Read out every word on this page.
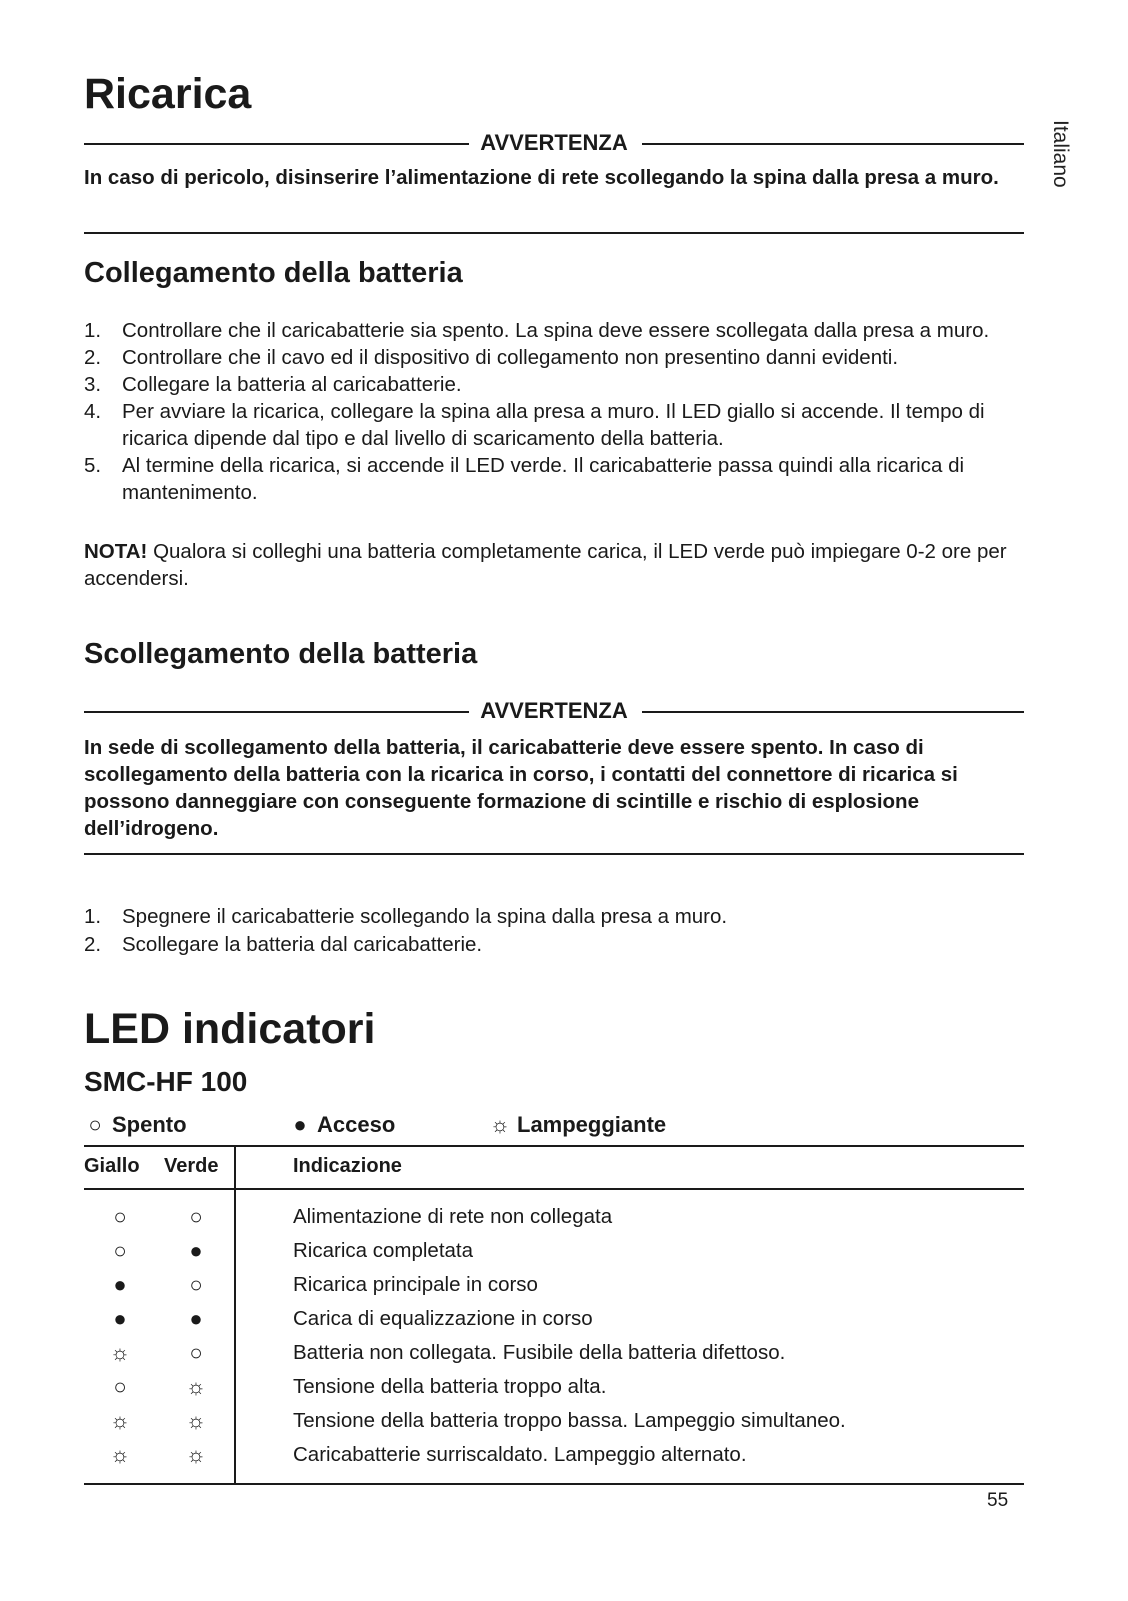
Italiano
Ricarica
AVVERTENZA
In caso di pericolo, disinserire l’alimentazione di rete scollegando la spina dalla presa a muro.
Collegamento della batteria
1. Controllare che il caricabatterie sia spento. La spina deve essere scollegata dalla presa a muro.
2. Controllare che il cavo ed il dispositivo di collegamento non presentino danni evidenti.
3. Collegare la batteria al caricabatterie.
4. Per avviare la ricarica, collegare la spina alla presa a muro. Il LED giallo si accende. Il tempo di ricarica dipende dal tipo e dal livello di scaricamento della batteria.
5. Al termine della ricarica, si accende il LED verde. Il caricabatterie passa quindi alla ricarica di mantenimento.
NOTA! Qualora si colleghi una batteria completamente carica, il LED verde può impiegare 0-2 ore per accendersi.
Scollegamento della batteria
AVVERTENZA
In sede di scollegamento della batteria, il caricabatterie deve essere spento. In caso di scollegamento della batteria con la ricarica in corso, i contatti del connettore di ricarica si possono danneggiare con conseguente formazione di scintille e rischio di esplosione dell’idrogeno.
1. Spegnere il caricabatterie scollegando la spina dalla presa a muro.
2. Scollegare la batteria dal caricabatterie.
LED indicatori
SMC-HF 100
○ Spento	● Acceso	☼ Lampeggiante
Giallo Verde	Indicazione
○	○	Alimentazione di rete non collegata
○	●	Ricarica completata
●	○	Ricarica principale in corso
●	●	Carica di equalizzazione in corso
☼	○	Batteria non collegata. Fusibile della batteria difettoso.
○	☼	Tensione della batteria troppo alta.
☼	☼	Tensione della batteria troppo bassa. Lampeggio simultaneo.
☼	☼	Caricabatterie surriscaldato. Lampeggio alternato.
55
